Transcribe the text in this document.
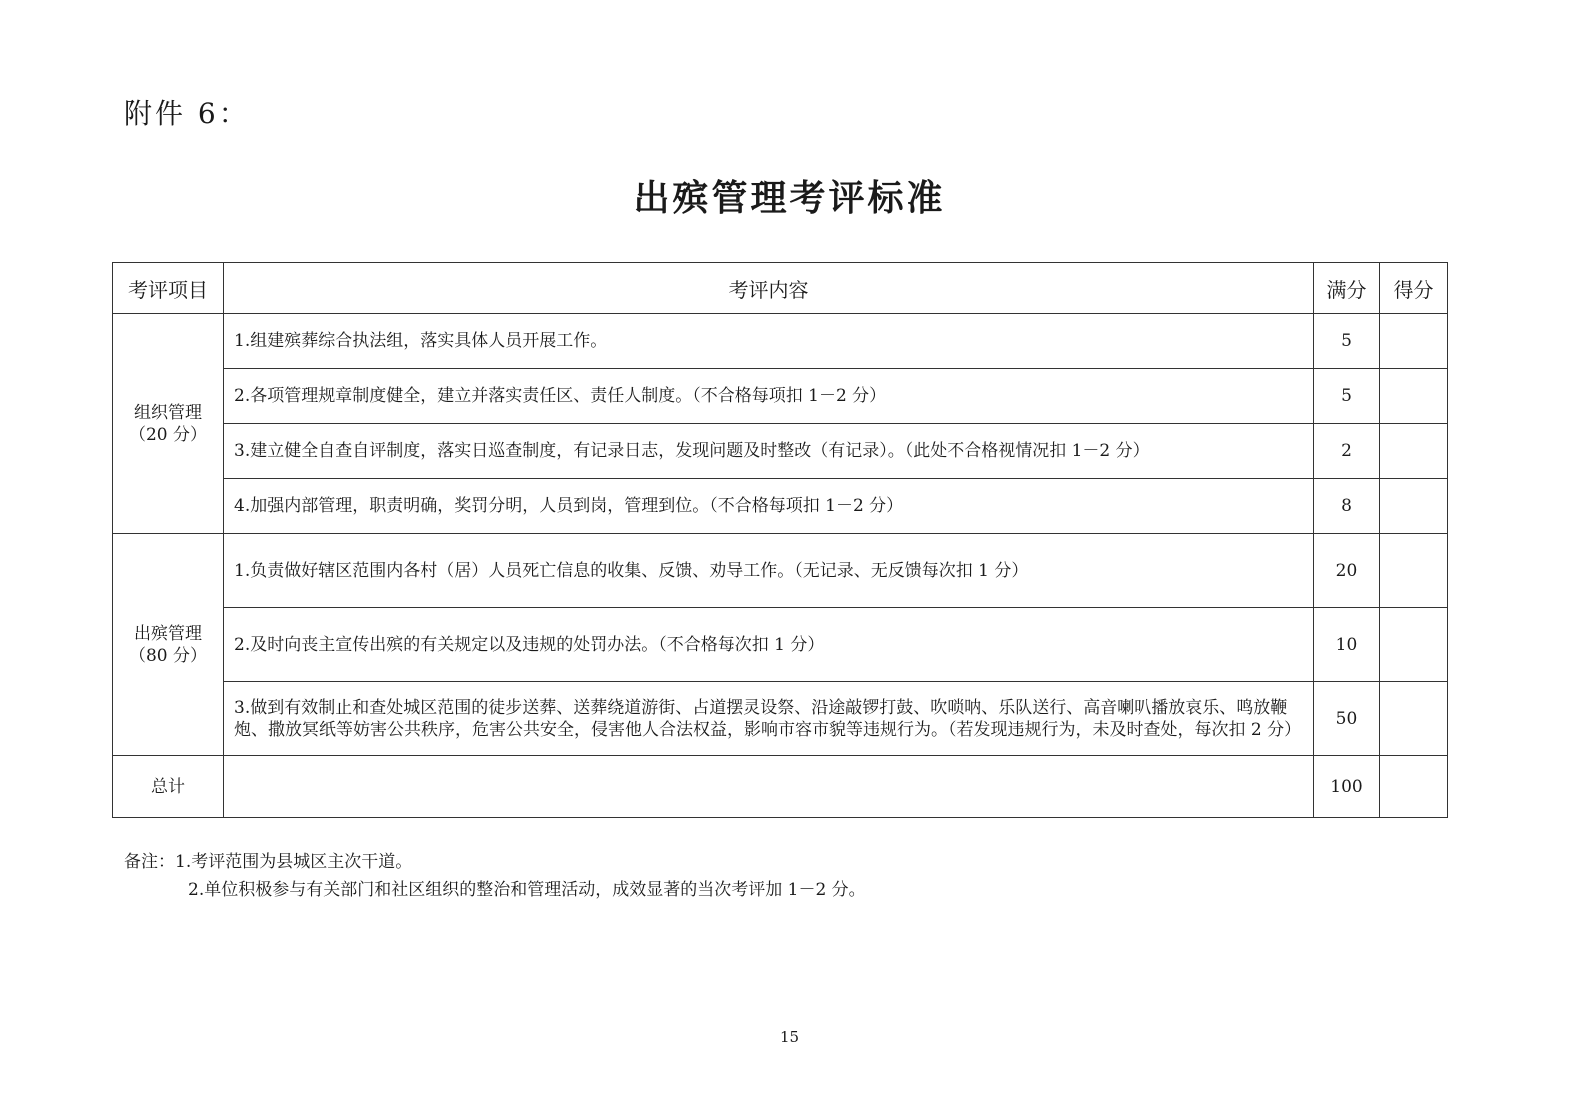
附件 6：
出殡管理考评标准
考评项目	考评内容	满分	得分

组织管理
（20 分）	1.组建殡葬综合执法组，落实具体人员开展工作。	5	
	2.各项管理规章制度健全，建立并落实责任区、责任人制度。（不合格每项扣 1－2 分）	5	
	3.建立健全自查自评制度，落实日巡查制度，有记录日志，发现问题及时整改（有记录）。（此处不合格视情况扣 1－2 分）	2	
	4.加强内部管理，职责明确，奖罚分明，人员到岗，管理到位。（不合格每项扣 1－2 分）	8	

出殡管理
（80 分）	1.负责做好辖区范围内各村（居）人员死亡信息的收集、反馈、劝导工作。（无记录、无反馈每次扣 1 分）	20	
	2.及时向丧主宣传出殡的有关规定以及违规的处罚办法。（不合格每次扣 1 分）	10	
	3.做到有效制止和查处城区范围的徒步送葬、送葬绕道游街、占道摆灵设祭、沿途敲锣打鼓、吹唢呐、乐队送行、高音喇叭播放哀乐、鸣放鞭炮、撒放冥纸等妨害公共秩序，危害公共安全，侵害他人合法权益，影响市容市貌等违规行为。（若发现违规行为，未及时查处，每次扣 2 分）	50	
总计		100	
备注：1.考评范围为县城区主次干道。
2.单位积极参与有关部门和社区组织的整治和管理活动，成效显著的当次考评加 1－2 分。
15
